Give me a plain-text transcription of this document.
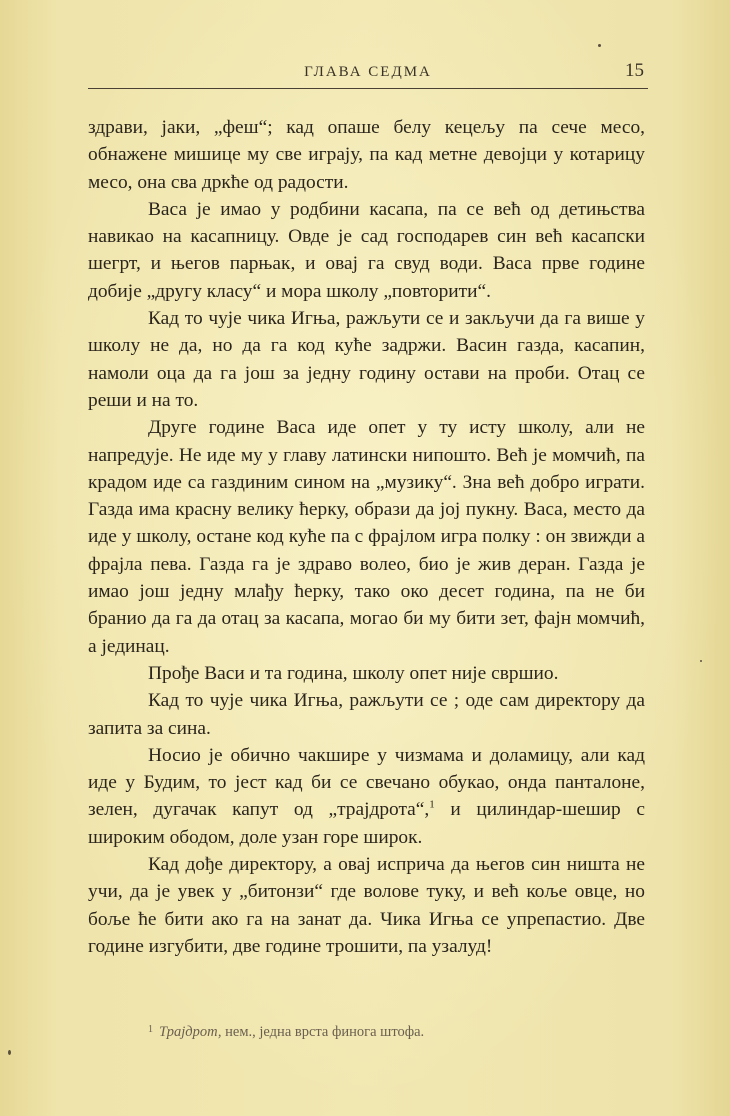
ГЛАВА СЕДМА	15

здрави, јаки, „феш“; кад опаше белу кецељу па сече месо, обнажене мишице му све играју, па кад метне девојци у котарицу месо, она сва дркће од радости.

Васа је имао у родбини касапа, па се већ од детињства навикао на касапницу. Овде је сад господарев син већ касапски шегрт, и његов парњак, и овај га свуд води. Васа прве године добије „другу класу“ и мора школу „повторити“.

Кад то чује чика Игња, ражљути се и закључи да га више у школу не да, но да га код куће задржи. Васин газда, касапин, намоли оца да га још за једну годину остави на проби. Отац се реши и на то.

Друге године Васа иде опет у ту исту школу, али не напредује. Не иде му у главу латински нипошто. Већ је момчић, па крадом иде са газдиним сином на „музику“. Зна већ добро играти. Газда има красну велику ћерку, образи да јој пукну. Васа, место да иде у школу, остане код куће па с фрајлом игра полку : он звижди а фрајла пева. Газда га је здраво волео, био је жив деран. Газда је имао још једну млађу ћерку, тако око десет година, па не би бранио да га да отац за касапа, могао би му бити зет, фајн момчић, а јединац.

Прође Васи и та година, школу опет није свршио.

Кад то чује чика Игња, ражљути се ; оде сам директору да запита за сина.

Носио је обично чакшире у чизмама и доламицу, али кад иде у Будим, то јест кад би се свечано обукао, онда панталоне, зелен, дугачак капут од „трајдрота“,$^1$ и цилиндар-шешир с широким ободом, доле узан горе широк.

Кад дође директору, а овај исприча да његов син ништа не учи, да је увек у „битонзи“ где волове туку, и већ коље овце, но боље ће бити ако га на занат да. Чика Игња се упрепастио. Две године изгубити, две године трошити, па узалуд!

$^1$ Трајдрот, нем., једна врста финога штофа.
